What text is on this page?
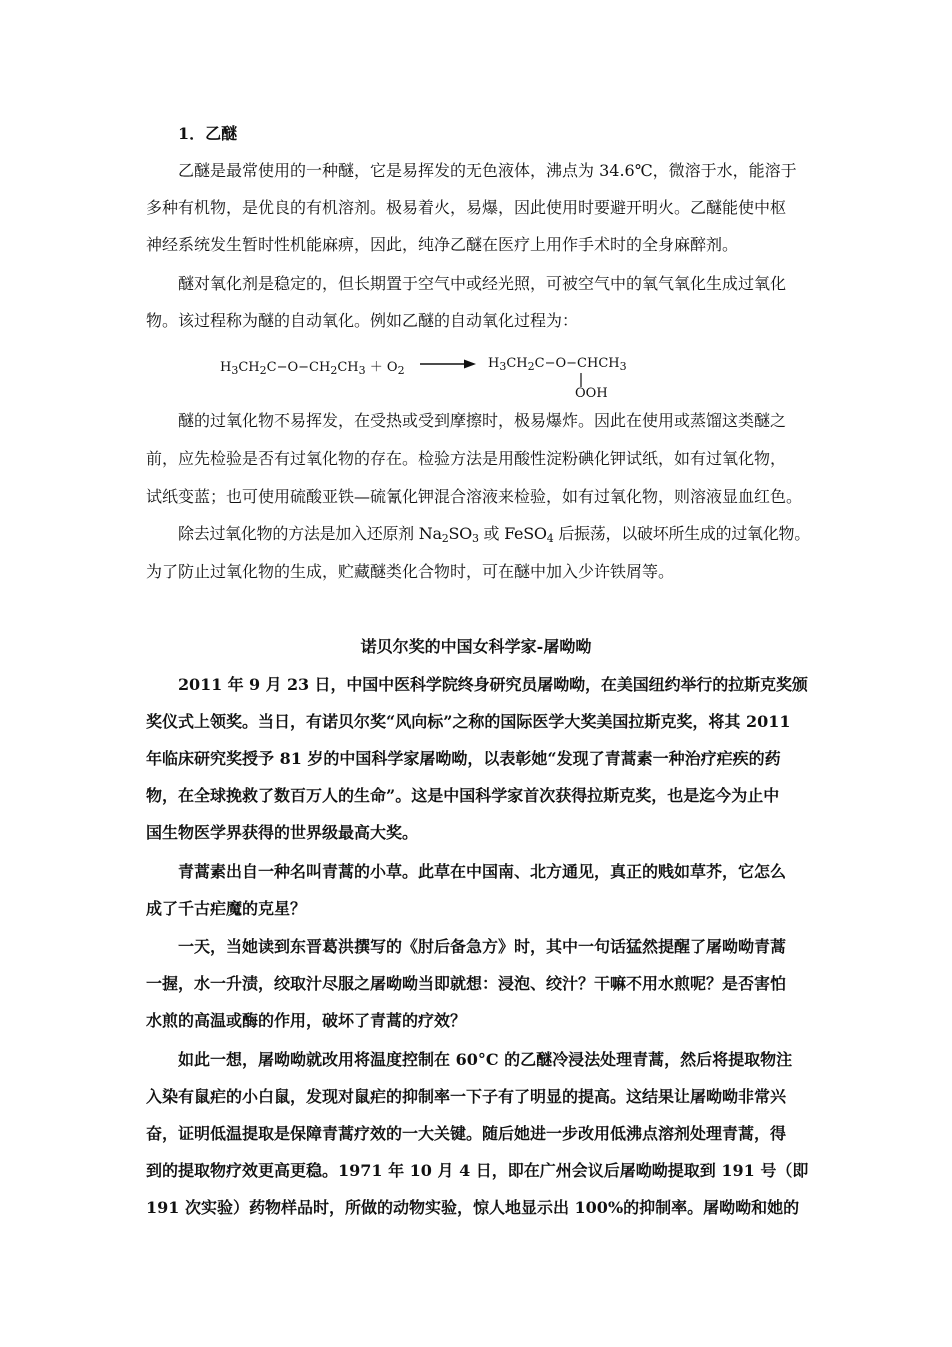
1．乙醚
乙醚是最常使用的一种醚，它是易挥发的无色液体，沸点为 34.6℃，微溶于水，能溶于
多种有机物，是优良的有机溶剂。极易着火，易爆，因此使用时要避开明火。乙醚能使中枢
神经系统发生暂时性机能麻痹，因此，纯净乙醚在医疗上用作手术时的全身麻醉剂。
醚对氧化剂是稳定的，但长期置于空气中或经光照，可被空气中的氧气氧化生成过氧化
物。该过程称为醚的自动氧化。例如乙醚的自动氧化过程为：
$H_3CH_2C-O-CH_2CH_3 + O_2$ → $H_3CH_2C-O-CHCH_3$
OOH
醚的过氧化物不易挥发，在受热或受到摩擦时，极易爆炸。因此在使用或蒸馏这类醚之
前，应先检验是否有过氧化物的存在。检验方法是用酸性淀粉碘化钾试纸，如有过氧化物，
试纸变蓝；也可使用硫酸亚铁—硫氰化钾混合溶液来检验，如有过氧化物，则溶液显血红色。
除去过氧化物的方法是加入还原剂 $Na_2SO_3$ 或 FeSO$_4$ 后振荡，以破坏所生成的过氧化物。
为了防止过氧化物的生成，贮藏醚类化合物时，可在醚中加入少许铁屑等。
诺贝尔奖的中国女科学家-屠呦呦
2011 年 9 月 23 日，中国中医科学院终身研究员屠呦呦，在美国纽约举行的拉斯克奖颁
奖仪式上领奖。当日，有诺贝尔奖“风向标”之称的国际医学大奖美国拉斯克奖，将其 2011
年临床研究奖授予 81 岁的中国科学家屠呦呦，以表彰她“发现了青蒿素一种治疗疟疾的药
物，在全球挽救了数百万人的生命”。这是中国科学家首次获得拉斯克奖，也是迄今为止中
国生物医学界获得的世界级最高大奖。
青蒿素出自一种名叫青蒿的小草。此草在中国南、北方通见，真正的贱如草芥，它怎么
成了千古疟魔的克星？
一天，当她读到东晋葛洪撰写的《肘后备急方》时，其中一句话猛然提醒了屠呦呦青蒿
一握，水一升渍，绞取汁尽服之屠呦呦当即就想：浸泡、绞汁？干嘛不用水煎呢？是否害怕
水煎的高温或酶的作用，破坏了青蒿的疗效？
如此一想，屠呦呦就改用将温度控制在 60°C 的乙醚冷浸法处理青蒿，然后将提取物注
入染有鼠疟的小白鼠，发现对鼠疟的抑制率一下子有了明显的提高。这结果让屠呦呦非常兴
奋，证明低温提取是保障青蒿疗效的一大关键。随后她进一步改用低沸点溶剂处理青蒿，得
到的提取物疗效更高更稳。1971 年 10 月 4 日，即在广州会议后屠呦呦提取到 191 号（即
191 次实验）药物样品时，所做的动物实验，惊人地显示出 100%的抑制率。屠呦呦和她的
